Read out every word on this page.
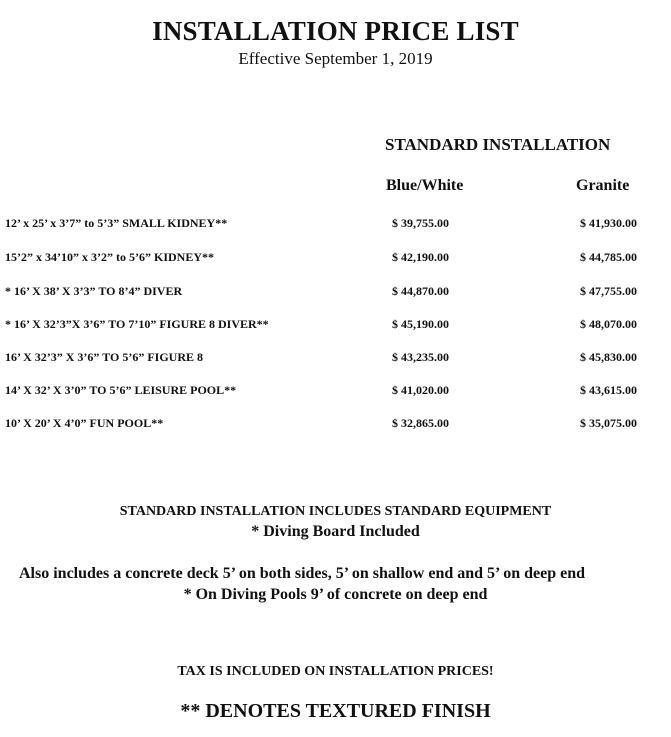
INSTALLATION PRICE LIST
Effective September 1, 2019
STANDARD INSTALLATION
Blue/White	Granite
12’ x 25’ x 3’7” to 5’3” SMALL KIDNEY**	$ 39,755.00	$ 41,930.00
15’2” x 34’10” x 3’2” to 5’6” KIDNEY**	$ 42,190.00	$ 44,785.00
* 16’ X 38’ X 3’3” TO 8’4” DIVER	$ 44,870.00	$ 47,755.00
* 16’ X 32’3”X 3’6” TO 7’10” FIGURE 8 DIVER**	$ 45,190.00	$ 48,070.00
16’ X 32’3” X 3’6” TO 5’6” FIGURE 8	$ 43,235.00	$ 45,830.00
14’ X 32’ X 3’0” TO 5’6” LEISURE POOL**	$ 41,020.00	$ 43,615.00
10’ X 20’ X 4’0” FUN POOL**	$ 32,865.00	$ 35,075.00
STANDARD INSTALLATION INCLUDES STANDARD EQUIPMENT
* Diving Board Included
Also includes a concrete deck 5’ on both sides, 5’ on shallow end and 5’ on deep end
* On Diving Pools 9’ of concrete on deep end
TAX IS INCLUDED ON INSTALLATION PRICES!
** DENOTES TEXTURED FINISH
